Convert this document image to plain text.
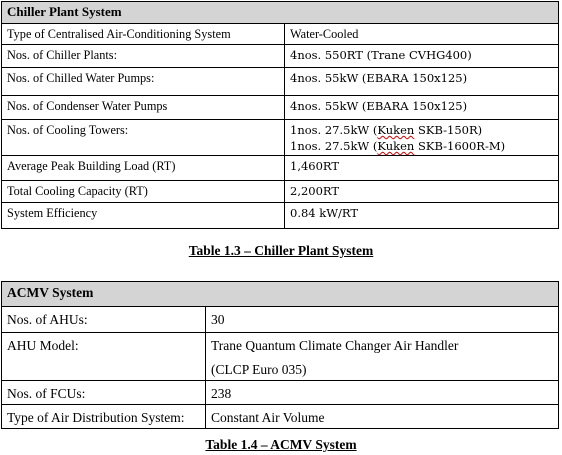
Chiller Plant System	
Type of Centralised Air-Conditioning System	Water-Cooled
Nos. of Chiller Plants:	4nos. 550RT (Trane CVHG400)
Nos. of Chilled Water Pumps:	4nos. 55kW (EBARA 150x125)
Nos. of Condenser Water Pumps	4nos. 55kW (EBARA 150x125)
Nos. of Cooling Towers:	1nos. 27.5kW (Kuken SKB-150R)
1nos. 27.5kW (Kuken SKB-1600R-M)

Average Peak Building Load (RT)	1,460RT
Total Cooling Capacity (RT)	2,200RT
System Efficiency	0.84 kW/RT
Table 1.3 – Chiller Plant System
ACMV System	
Nos. of AHUs:	30
AHU Model:	Trane Quantum Climate Changer Air Handler
(CLCP Euro 035)

Nos. of FCUs:	238
Type of Air Distribution System:	Constant Air Volume
Table 1.4 – ACMV System
